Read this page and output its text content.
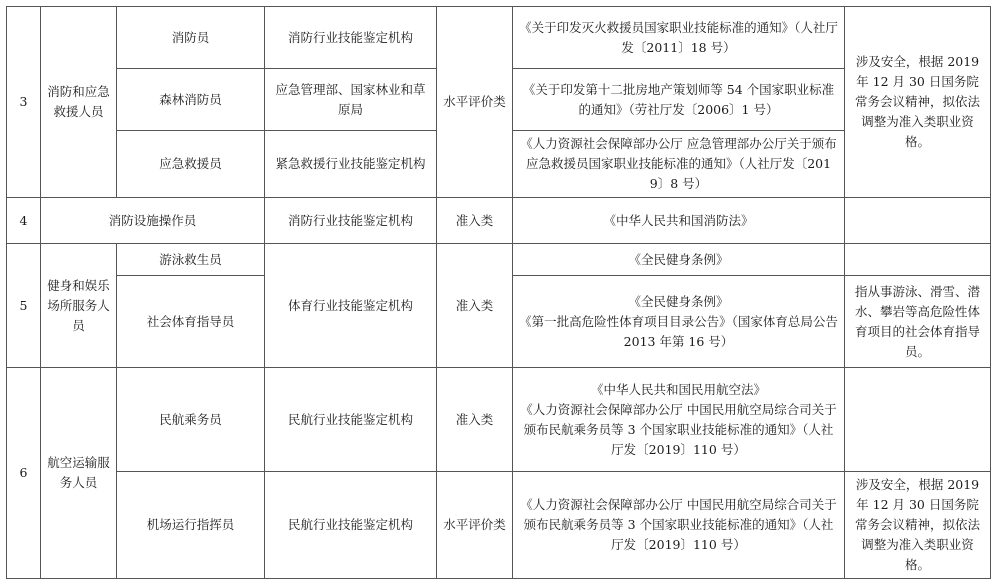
3	消防和应急救援人员	消防员	消防行业技能鉴定机构	水平评价类	《关于印发灭火救援员国家职业技能标准的通知》（人社厅发〔2011〕18 号）	涉及安全，根据 2019 年 12 月 30 日国务院常务会议精神，拟依法调整为准入类职业资格。
		森林消防员	应急管理部、国家林业和草原局		《关于印发第十二批房地产策划师等 54 个国家职业标准的通知》（劳社厅发〔2006〕1 号）	
		应急救援员	紧急救援行业技能鉴定机构		《人力资源社会保障部办公厅 应急管理部办公厅关于颁布应急救援员国家职业技能标准的通知》（人社厅发〔2019〕8 号）	
4	消防设施操作员		消防行业技能鉴定机构	准入类	《中华人民共和国消防法》	
5	健身和娱乐场所服务人员	游泳救生员	体育行业技能鉴定机构	准入类	《全民健身条例》	
		社会体育指导员			《全民健身条例》
《第一批高危险性体育项目目录公告》（国家体育总局公告 2013 年第 16 号）	指从事游泳、滑雪、潜水、攀岩等高危险性体育项目的社会体育指导员。
6	航空运输服务人员	民航乘务员	民航行业技能鉴定机构	准入类	《中华人民共和国民用航空法》
《人力资源社会保障部办公厅 中国民用航空局综合司关于颁布民航乘务员等 3 个国家职业技能标准的通知》（人社厅发〔2019〕110 号）	

		机场运行指挥员	民航行业技能鉴定机构	水平评价类	《人力资源社会保障部办公厅 中国民用航空局综合司关于颁布民航乘务员等 3 个国家职业技能标准的通知》（人社厅发〔2019〕110 号）	涉及安全，根据 2019 年 12 月 30 日国务院常务会议精神，拟依法调整为准入类职业资格。
